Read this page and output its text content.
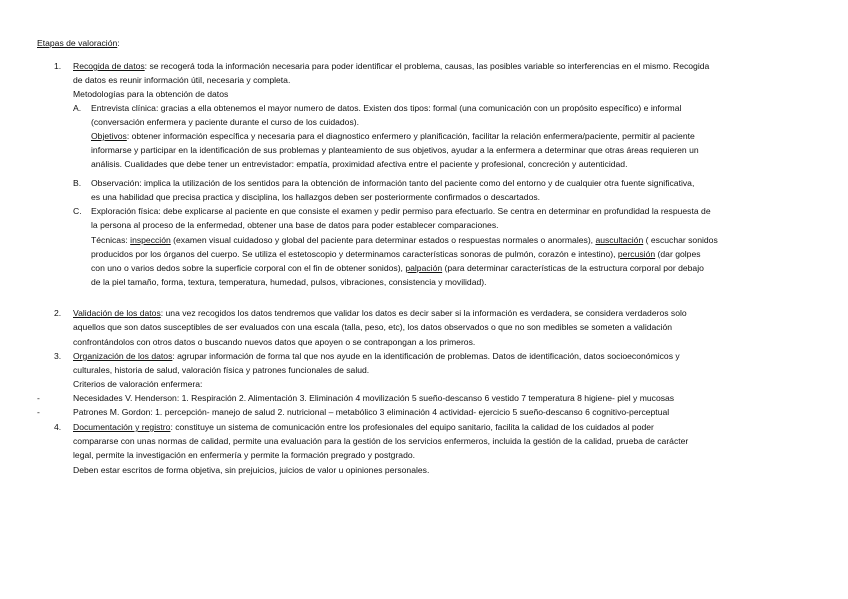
Etapas de valoración:
1. Recogida de datos: se recogerá toda la información necesaria para poder identificar el problema, causas, las posibles variable so interferencias en el mismo. Recogida
de datos es reunir información útil, necesaria y completa.
Metodologías para la obtención de datos
A. Entrevista clínica: gracias a ella obtenemos el mayor numero de datos. Existen dos tipos: formal (una comunicación con un propósito específico) e informal
(conversación enfermera y paciente durante el curso de los cuidados).
Objetivos: obtener información específica y necesaria para el diagnostico enfermero y planificación, facilitar la relación enfermera/paciente, permitir al paciente
informarse y participar en la identificación de sus problemas y planteamiento de sus objetivos, ayudar a la enfermera a determinar que otras áreas requieren un
análisis. Cualidades que debe tener un entrevistador: empatía, proximidad afectiva entre el paciente y profesional, concreción y autenticidad.
B. Observación: implica la utilización de los sentidos para la obtención de información tanto del paciente como del entorno y de cualquier otra fuente significativa,
es una habilidad que precisa practica y disciplina, los hallazgos deben ser posteriormente confirmados o descartados.
C. Exploración física: debe explicarse al paciente en que consiste el examen y pedir permiso para efectuarlo. Se centra en determinar en profundidad la respuesta de
la persona al proceso de la enfermedad, obtener una base de datos para poder establecer comparaciones.
Técnicas: inspección (examen visual cuidadoso y global del paciente para determinar estados o respuestas normales o anormales), auscultación ( escuchar sonidos
producidos por los órganos del cuerpo. Se utiliza el estetoscopio y determinamos características sonoras de pulmón, corazón e intestino), percusión (dar golpes
con uno o varios dedos sobre la superficie corporal con el fin de obtener sonidos), palpación (para determinar características de la estructura corporal por debajo
de la piel tamaño, forma, textura, temperatura, humedad, pulsos, vibraciones, consistencia y movilidad).
2. Validación de los datos: una vez recogidos los datos tendremos que validar los datos es decir saber si la información es verdadera, se considera verdaderos solo
aquellos que son datos susceptibles de ser evaluados con una escala (talla, peso, etc), los datos observados o que no son medibles se someten a validación
confrontándolos con otros datos o buscando nuevos datos que apoyen o se contrapongan a los primeros.
3. Organización de los datos: agrupar información de forma tal que nos ayude en la identificación de problemas. Datos de identificación, datos socioeconómicos y
culturales, historia de salud, valoración física y patrones funcionales de salud.
Criterios de valoración enfermera:
-	Necesidades V. Henderson: 1. Respiración 2. Alimentación 3. Eliminación 4 movilización 5 sueño-descanso 6 vestido 7 temperatura 8 higiene- piel y mucosas
-	Patrones M. Gordon: 1. percepción- manejo de salud 2. nutricional – metabólico 3 eliminación 4 actividad- ejercicio 5 sueño-descanso 6 cognitivo-perceptual
4. Documentación y registro: constituye un sistema de comunicación entre los profesionales del equipo sanitario, facilita la calidad de los cuidados al poder
compararse con unas normas de calidad, permite una evaluación para la gestión de los servicios enfermeros, incluida la gestión de la calidad, prueba de carácter
legal, permite la investigación en enfermería y permite la formación pregrado y postgrado.
Deben estar escritos de forma objetiva, sin prejuicios, juicios de valor u opiniones personales.
